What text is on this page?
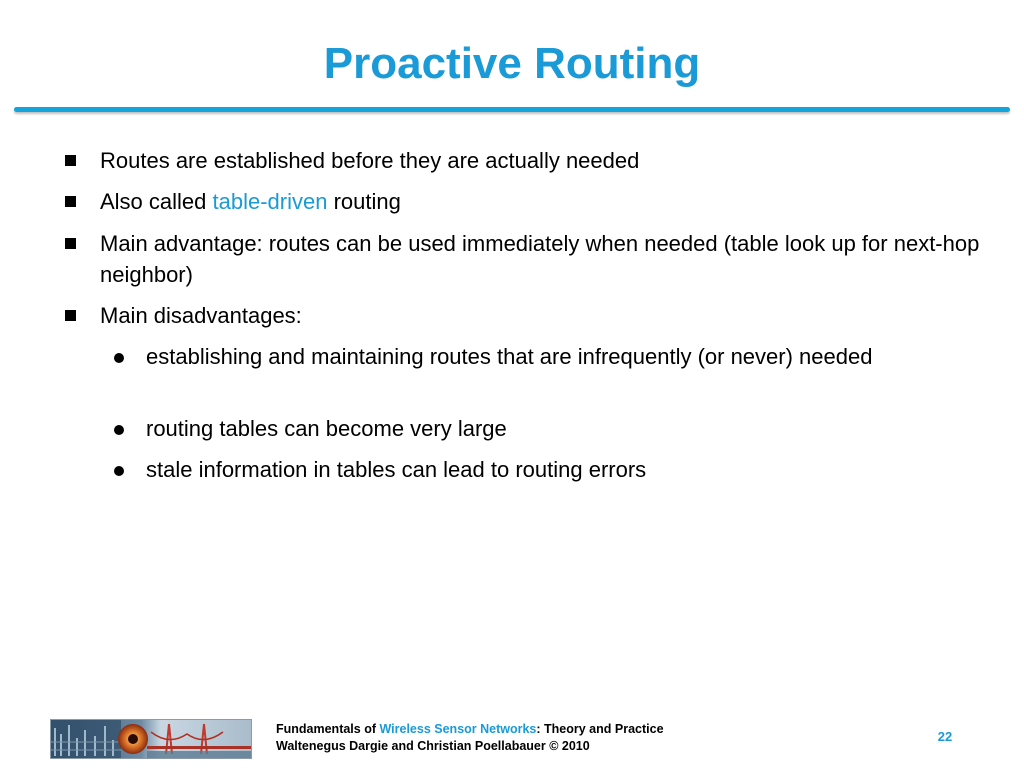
Proactive Routing
Routes are established before they are actually needed
Also called table-driven routing
Main advantage: routes can be used immediately when needed (table look up for next-hop neighbor)
Main disadvantages:
establishing and maintaining routes that are infrequently (or never) needed
routing tables can become very large
stale information in tables can lead to routing errors
Fundamentals of Wireless Sensor Networks: Theory and Practice
Waltenegus Dargie and Christian Poellabauer © 2010
22
